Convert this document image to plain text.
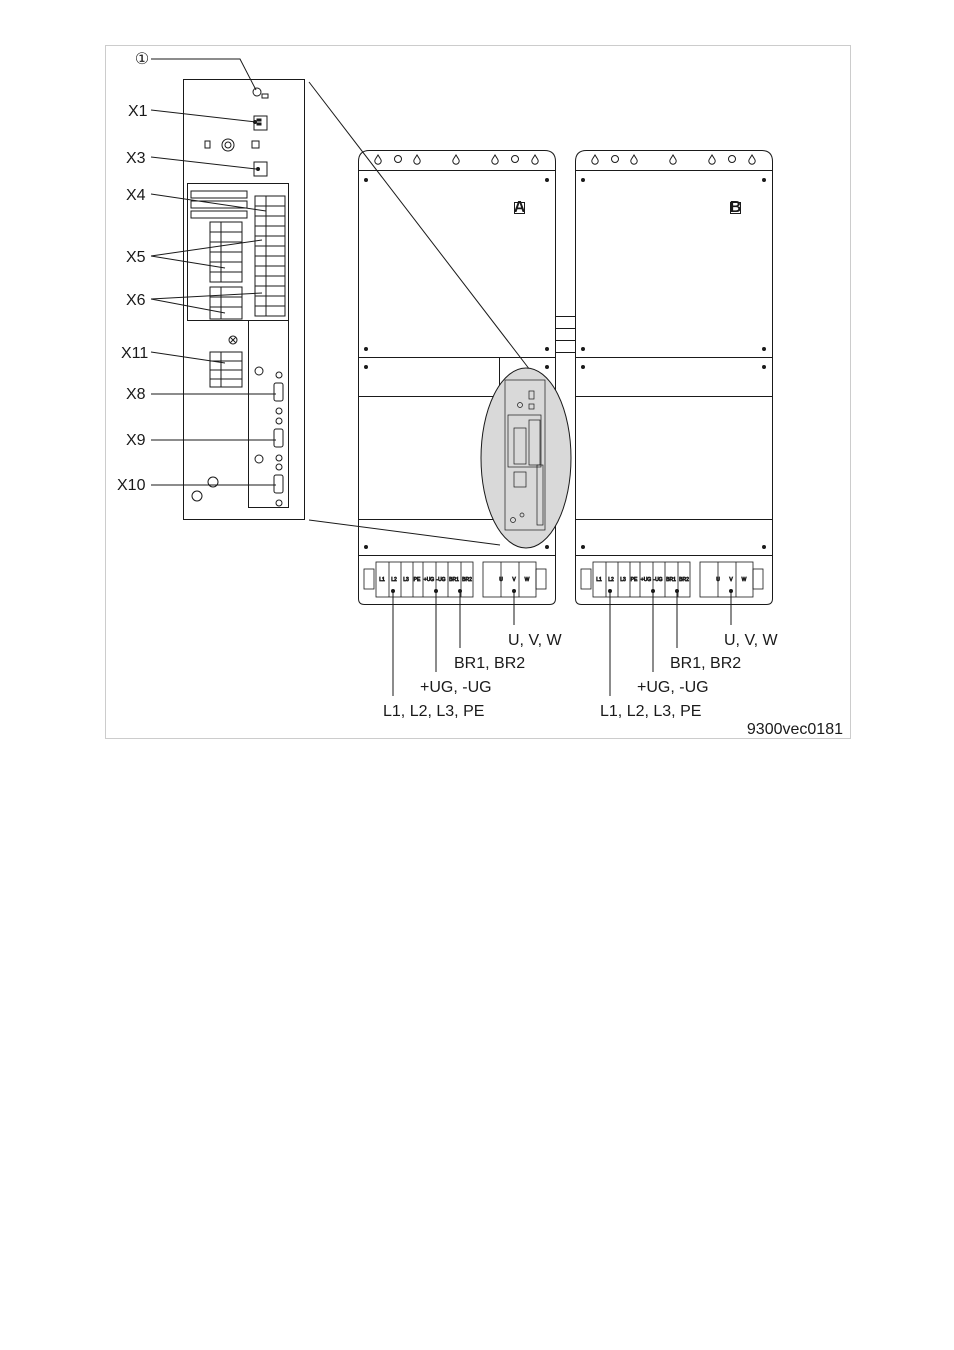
①
X1
X3
X4
X5
X6
X11
X8
X9
X10
A	B
L1 L2 L3 PE +UG -UG BR1 BR2	U V W	L1 L2 L3 PE +UG -UG BR1 BR2	U V W
U, V, W
BR1, BR2
+UG, -UG
L1, L2, L3, PE
U, V, W
BR1, BR2
+UG, -UG
L1, L2, L3, PE
9300vec0181
